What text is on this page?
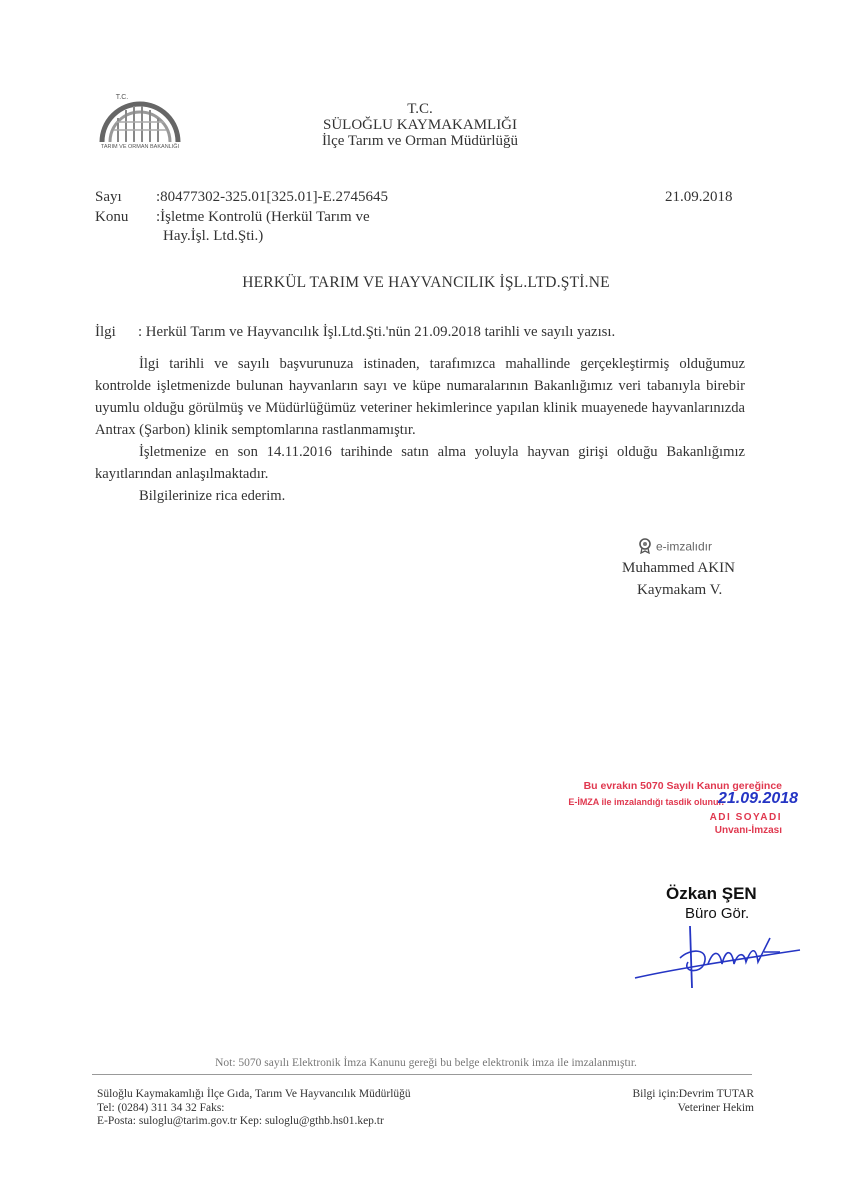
T.C.
TARIM VE ORMAN BAKANLIĞI
T.C.
SÜLOĞLU KAYMAKAMLIĞI
İlçe Tarım ve Orman Müdürlüğü
Sayı :80477302-325.01[325.01]-E.2745645	21.09.2018
Konu :İşletme Kontrolü (Herkül Tarım ve
Hay.İşl. Ltd.Şti.)
HERKÜL TARIM VE HAYVANCILIK İŞL.LTD.ŞTİ.NE
İlgi : Herkül Tarım ve Hayvancılık İşl.Ltd.Şti.'nün 21.09.2018 tarihli ve sayılı yazısı.

İlgi tarihli ve sayılı başvurunuza istinaden, tarafımızca mahallinde gerçekleştirmiş olduğumuz kontrolde işletmenizde bulunan hayvanların sayı ve küpe numaralarının Bakanlığımız veri tabanıyla birebir uyumlu olduğu görülmüş ve Müdürlüğümüz veteriner hekimlerince yapılan klinik muayenede hayvanlarınızda Antrax (Şarbon) klinik semptomlarına rastlanmamıştır.

İşletmenize en son 14.11.2016 tarihinde satın alma yoluyla hayvan girişi olduğu Bakanlığımız kayıtlarından anlaşılmaktadır.

Bilgilerinize rica ederim.

e-imzalıdır
Muhammed AKIN
Kaymakam V.
Bu evrakın 5070 Sayılı Kanun gereğince
E-İMZA ile imzalandığı tasdik olunur.
21.09.2018
ADI SOYADI
Unvanı-İmzası
Özkan ŞEN
Büro Gör.
Not: 5070 sayılı Elektronik İmza Kanunu gereği bu belge elektronik imza ile imzalanmıştır.
Süloğlu Kaymakamlığı İlçe Gıda, Tarım Ve Hayvancılık Müdürlüğü
Tel: (0284) 311 34 32 Faks:
E-Posta: suloglu@tarim.gov.tr Kep: suloglu@gthb.hs01.kep.tr
Bilgi için:Devrim TUTAR
Veteriner Hekim
